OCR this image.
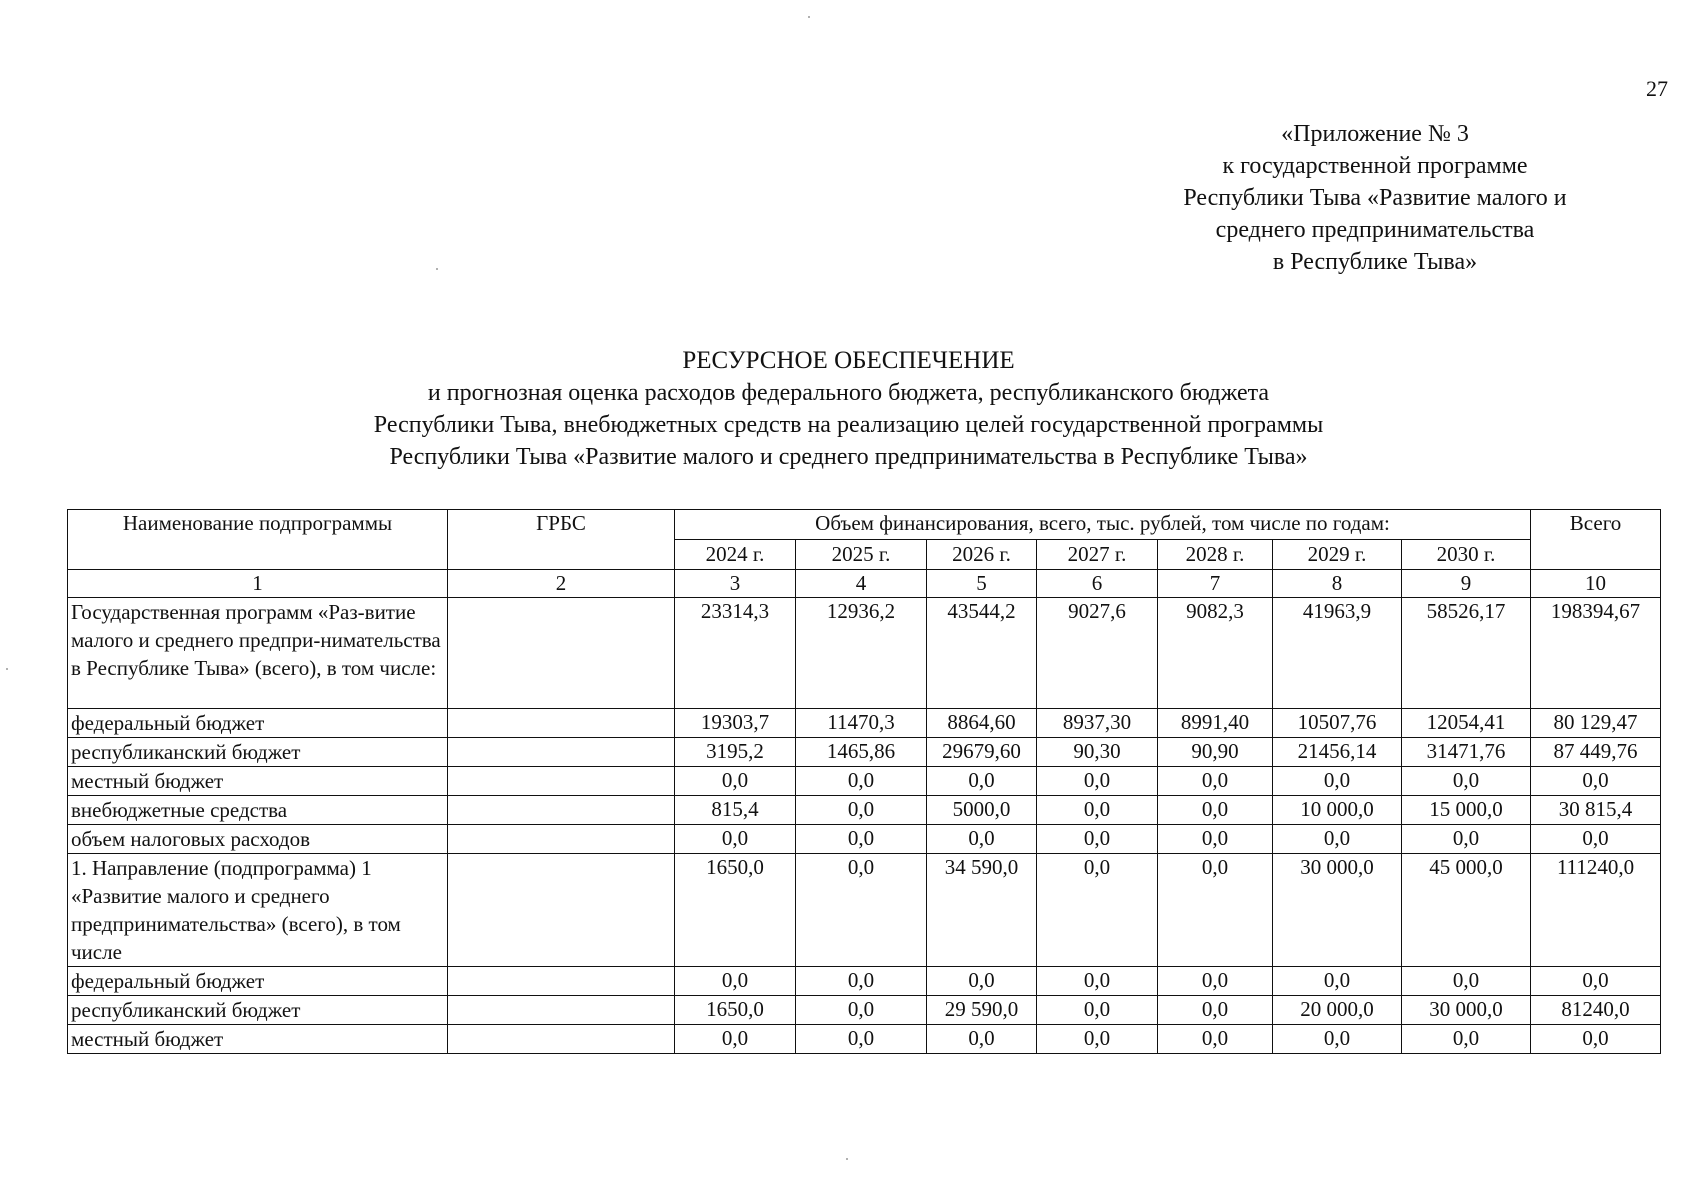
27
«Приложение № 3
к государственной программе
Республики Тыва «Развитие малого и
среднего предпринимательства
в Республике Тыва»
РЕСУРСНОЕ ОБЕСПЕЧЕНИЕ
и прогнозная оценка расходов федерального бюджета, республиканского бюджета
Республики Тыва, внебюджетных средств на реализацию целей государственной программы
Республики Тыва «Развитие малого и среднего предпринимательства в Республике Тыва»
Наименование подпрограммы	ГРБС	Объем финансирования, всего, тыс. рублей, том числе по годам:							Всего
		2024 г.	2025 г.	2026 г.	2027 г.	2028 г.	2029 г.	2030 г.	
1	2	3	4	5	6	7	8	9	10
Государственная программ «Раз-витие малого и среднего предпри-нимательства в Республике Тыва» (всего), в том числе:		23314,3	12936,2	43544,2	9027,6	9082,3	41963,9	58526,17	198394,67
федеральный бюджет		19303,7	11470,3	8864,60	8937,30	8991,40	10507,76	12054,41	80 129,47
республиканский бюджет		3195,2	1465,86	29679,60	90,30	90,90	21456,14	31471,76	87 449,76
местный бюджет		0,0	0,0	0,0	0,0	0,0	0,0	0,0	0,0
внебюджетные средства		815,4	0,0	5000,0	0,0	0,0	10 000,0	15 000,0	30 815,4
объем налоговых расходов		0,0	0,0	0,0	0,0	0,0	0,0	0,0	0,0
1. Направление (подпрограмма) 1 «Развитие малого и среднего предпринимательства» (всего), в том числе		1650,0	0,0	34 590,0	0,0	0,0	30 000,0	45 000,0	111240,0
федеральный бюджет		0,0	0,0	0,0	0,0	0,0	0,0	0,0	0,0
республиканский бюджет		1650,0	0,0	29 590,0	0,0	0,0	20 000,0	30 000,0	81240,0
местный бюджет		0,0	0,0	0,0	0,0	0,0	0,0	0,0	0,0
